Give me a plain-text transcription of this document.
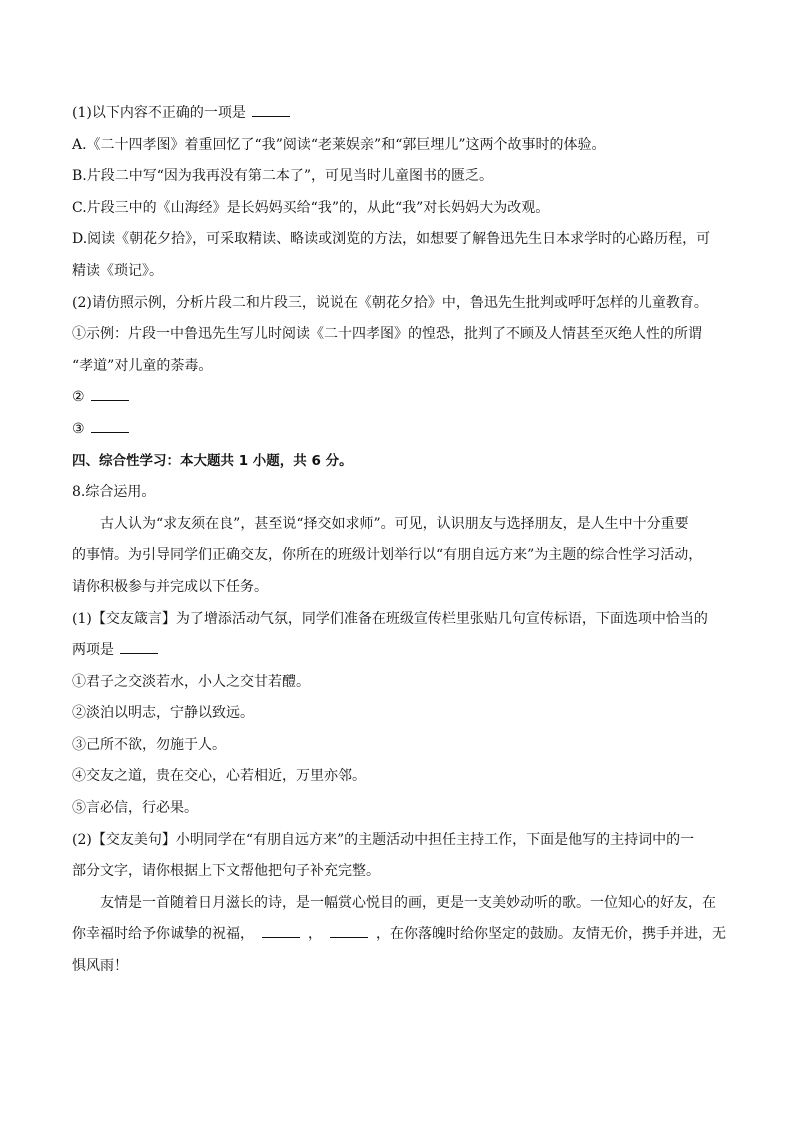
(1)以下内容不正确的一项是
A.《二十四孝图》着重回忆了“我”阅读“老莱娱亲”和“郭巨埋儿”这两个故事时的体验。
B.片段二中写“因为我再没有第二本了”，可见当时儿童图书的匮乏。
C.片段三中的《山海经》是长妈妈买给“我”的，从此“我”对长妈妈大为改观。
D.阅读《朝花夕拾》，可采取精读、略读或浏览的方法，如想要了解鲁迅先生日本求学时的心路历程，可
精读《琐记》。
(2)请仿照示例，分析片段二和片段三，说说在《朝花夕拾》中，鲁迅先生批判或呼吁怎样的儿童教育。
①示例：片段一中鲁迅先生写儿时阅读《二十四孝图》的惶恐，批判了不顾及人情甚至灭绝人性的所谓
“孝道”对儿童的荼毒。
②
③
四、综合性学习：本大题共 1 小题，共 6 分。
8.综合运用。
古人认为“求友须在良”，甚至说“择交如求师”。可见，认识朋友与选择朋友，是人生中十分重要
的事情。为引导同学们正确交友，你所在的班级计划举行以“有朋自远方来”为主题的综合性学习活动，
请你积极参与并完成以下任务。
(1)【交友箴言】为了增添活动气氛，同学们准备在班级宣传栏里张贴几句宣传标语，下面选项中恰当的
两项是
①君子之交淡若水，小人之交甘若醴。
②淡泊以明志，宁静以致远。
③己所不欲，勿施于人。
④交友之道，贵在交心，心若相近，万里亦邻。
⑤言必信，行必果。
(2)【交友美句】小明同学在“有朋自远方来”的主题活动中担任主持工作，下面是他写的主持词中的一
部分文字，请你根据上下文帮他把句子补充完整。
友情是一首随着日月滋长的诗，是一幅赏心悦目的画，更是一支美妙动听的歌。一位知心的好友，在
你幸福时给予你诚挚的祝福，	，	，在你落魄时给你坚定的鼓励。友情无价，携手并进，无
惧风雨！
